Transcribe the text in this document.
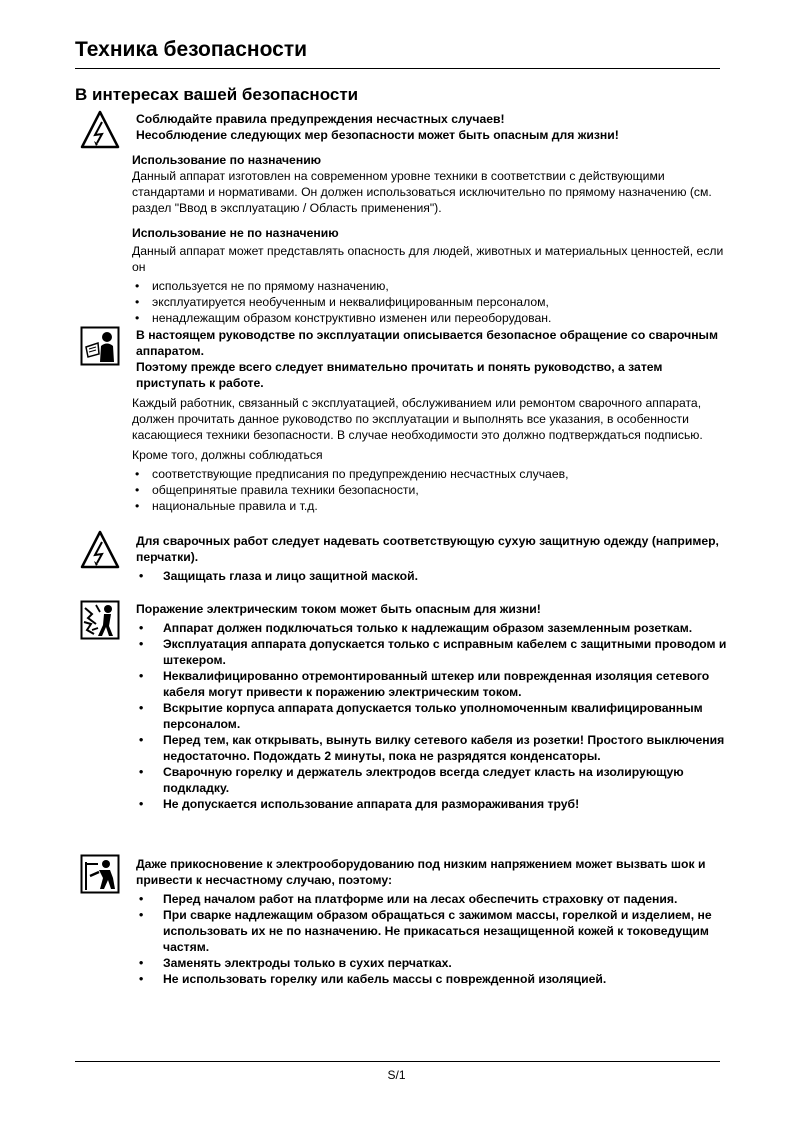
Техника безопасности
В интересах вашей безопасности

Соблюдайте правила предупреждения несчастных случаев!

Несоблюдение следующих мер безопасности может быть опасным для жизни!

Использование по назначению

Данный аппарат изготовлен на современном уровне техники в соответствии с действующими стандартами и нормативами. Он должен использоваться исключительно по прямому назначению (см. раздел "Ввод в эксплуатацию / Область применения").

Использование не по назначению

Данный аппарат может представлять опасность для людей, животных и материальных ценностей, если он

• используется не по прямому назначению,
• эксплуатируется необученным и неквалифицированным персоналом,
• ненадлежащим образом конструктивно изменен или переоборудован.

В настоящем руководстве по эксплуатации описывается безопасное обращение со сварочным аппаратом.

Поэтому прежде всего следует внимательно прочитать и понять руководство, а затем приступать к работе.

Каждый работник, связанный с эксплуатацией, обслуживанием или ремонтом сварочного аппарата, должен прочитать данное руководство по эксплуатации и выполнять все указания, в особенности касающиеся техники безопасности. В случае необходимости это должно подтверждаться подписью.

Кроме того, должны соблюдаться

• соответствующие предписания по предупреждению несчастных случаев,
• общепринятые правила техники безопасности,
• национальные правила и т.д.

Для сварочных работ следует надевать соответствующую сухую защитную одежду (например, перчатки).

• Защищать глаза и лицо защитной маской.

Поражение электрическим током может быть опасным для жизни!

• Аппарат должен подключаться только к надлежащим образом заземленным розеткам.
• Эксплуатация аппарата допускается только с исправным кабелем с защитными проводом и штекером.
• Неквалифицированно отремонтированный штекер или поврежденная изоляция сетевого кабеля могут привести к поражению электрическим током.
• Вскрытие корпуса аппарата допускается только уполномоченным квалифицированным персоналом.
• Перед тем, как открывать, вынуть вилку сетевого кабеля из розетки! Простого выключения недостаточно. Подождать 2 минуты, пока не разрядятся конденсаторы.
• Сварочную горелку и держатель электродов всегда следует класть на изолирующую подкладку.
• Не допускается использование аппарата для размораживания труб!

Даже прикосновение к электрооборудованию под низким напряжением может вызвать шок и привести к несчастному случаю, поэтому:

• Перед началом работ на платформе или на лесах обеспечить страховку от падения.
• При сварке надлежащим образом обращаться с зажимом массы, горелкой и изделием, не использовать их не по назначению. Не прикасаться незащищенной кожей к токоведущим частям.
• Заменять электроды только в сухих перчатках.
• Не использовать горелку или кабель массы с поврежденной изоляцией.
S/1
